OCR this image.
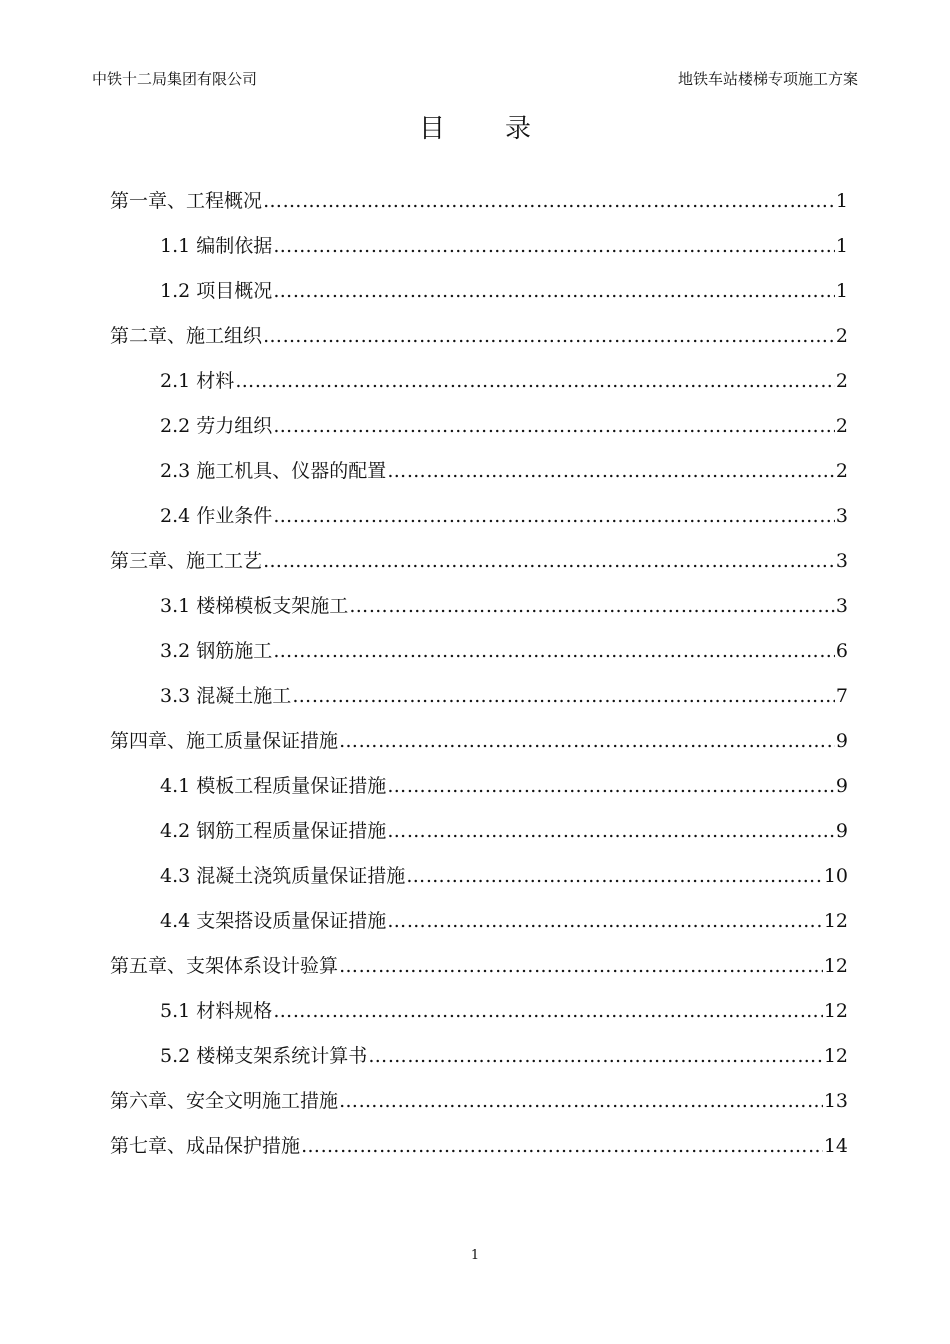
中铁十二局集团有限公司	地铁车站楼梯专项施工方案
目录
第一章、工程概况 ………………………………………………………………………………………………………………………………………………………………………………………………	1
1.1 编制依据 ………………………………………………………………………………………………………………………………………………………………………………………………	1
1.2 项目概况 ………………………………………………………………………………………………………………………………………………………………………………………………	1
第二章、施工组织 ………………………………………………………………………………………………………………………………………………………………………………………………	2
2.1 材料 ………………………………………………………………………………………………………………………………………………………………………………………………	2
2.2 劳力组织 ………………………………………………………………………………………………………………………………………………………………………………………………	2
2.3 施工机具、仪器的配置 ………………………………………………………………………………………………………………………………………………………………………………………………	2
2.4 作业条件 ………………………………………………………………………………………………………………………………………………………………………………………………	3
第三章、施工工艺 ………………………………………………………………………………………………………………………………………………………………………………………………	3
3.1 楼梯模板支架施工 ………………………………………………………………………………………………………………………………………………………………………………………………	3
3.2 钢筋施工 ………………………………………………………………………………………………………………………………………………………………………………………………	6
3.3 混凝土施工 ………………………………………………………………………………………………………………………………………………………………………………………………	7
第四章、施工质量保证措施 ………………………………………………………………………………………………………………………………………………………………………………………………	9
4.1 模板工程质量保证措施 ………………………………………………………………………………………………………………………………………………………………………………………………	9
4.2 钢筋工程质量保证措施 ………………………………………………………………………………………………………………………………………………………………………………………………	9
4.3 混凝土浇筑质量保证措施 ………………………………………………………………………………………………………………………………………………………………………………………………	10
4.4 支架搭设质量保证措施 ………………………………………………………………………………………………………………………………………………………………………………………………	12
第五章、支架体系设计验算 ………………………………………………………………………………………………………………………………………………………………………………………………	12
5.1 材料规格 ………………………………………………………………………………………………………………………………………………………………………………………………	12
5.2 楼梯支架系统计算书 ………………………………………………………………………………………………………………………………………………………………………………………………	12
第六章、安全文明施工措施 ………………………………………………………………………………………………………………………………………………………………………………………………	13
第七章、成品保护措施 ………………………………………………………………………………………………………………………………………………………………………………………………	14
1
